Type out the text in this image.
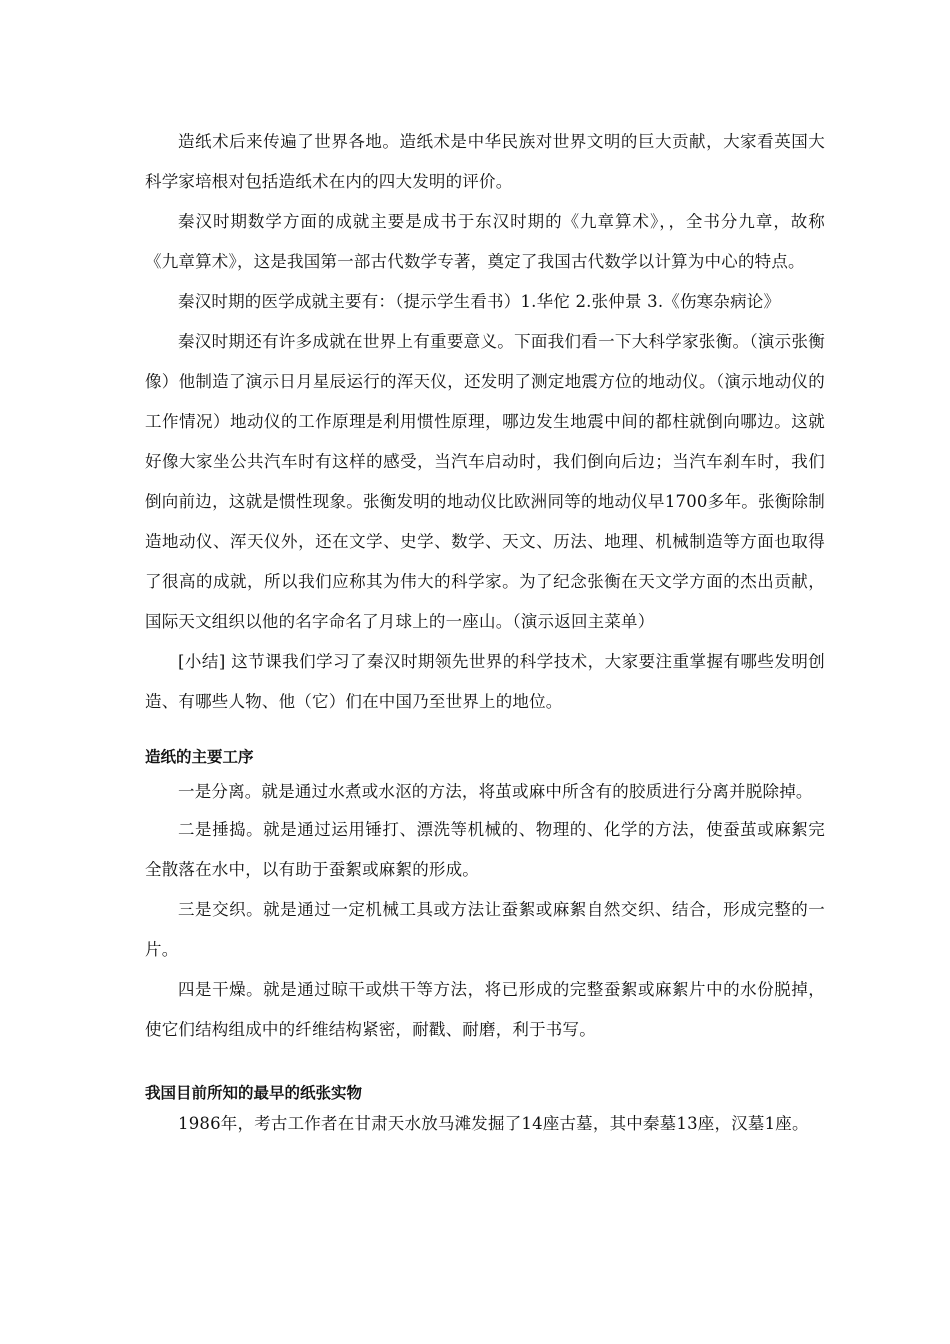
造纸术后来传遍了世界各地。造纸术是中华民族对世界文明的巨大贡献，大家看英国大科学家培根对包括造纸术在内的四大发明的评价。

秦汉时期数学方面的成就主要是成书于东汉时期的《九章算术》，，全书分九章，故称《九章算术》，这是我国第一部古代数学专著，奠定了我国古代数学以计算为中心的特点。

秦汉时期的医学成就主要有：（提示学生看书）1.华佗 2.张仲景 3.《伤寒杂病论》

秦汉时期还有许多成就在世界上有重要意义。下面我们看一下大科学家张衡。（演示张衡像）他制造了演示日月星辰运行的浑天仪，还发明了测定地震方位的地动仪。（演示地动仪的工作情况）地动仪的工作原理是利用惯性原理，哪边发生地震中间的都柱就倒向哪边。这就好像大家坐公共汽车时有这样的感受，当汽车启动时，我们倒向后边；当汽车刹车时，我们倒向前边，这就是惯性现象。张衡发明的地动仪比欧洲同等的地动仪早1700多年。张衡除制造地动仪、浑天仪外，还在文学、史学、数学、天文、历法、地理、机械制造等方面也取得了很高的成就，所以我们应称其为伟大的科学家。为了纪念张衡在天文学方面的杰出贡献，国际天文组织以他的名字命名了月球上的一座山。（演示返回主菜单）

[小结] 这节课我们学习了秦汉时期领先世界的科学技术，大家要注重掌握有哪些发明创造、有哪些人物、他（它）们在中国乃至世界上的地位。

造纸的主要工序

一是分离。就是通过水煮或水沤的方法，将茧或麻中所含有的胶质进行分离并脱除掉。

二是捶捣。就是通过运用锤打、漂洗等机械的、物理的、化学的方法，使蚕茧或麻絮完全散落在水中，以有助于蚕絮或麻絮的形成。

三是交织。就是通过一定机械工具或方法让蚕絮或麻絮自然交织、结合，形成完整的一片。

四是干燥。就是通过晾干或烘干等方法，将已形成的完整蚕絮或麻絮片中的水份脱掉，使它们结构组成中的纤维结构紧密，耐戳、耐磨，利于书写。

我国目前所知的最早的纸张实物

1986年，考古工作者在甘肃天水放马滩发掘了14座古墓，其中秦墓13座，汉墓1座。
